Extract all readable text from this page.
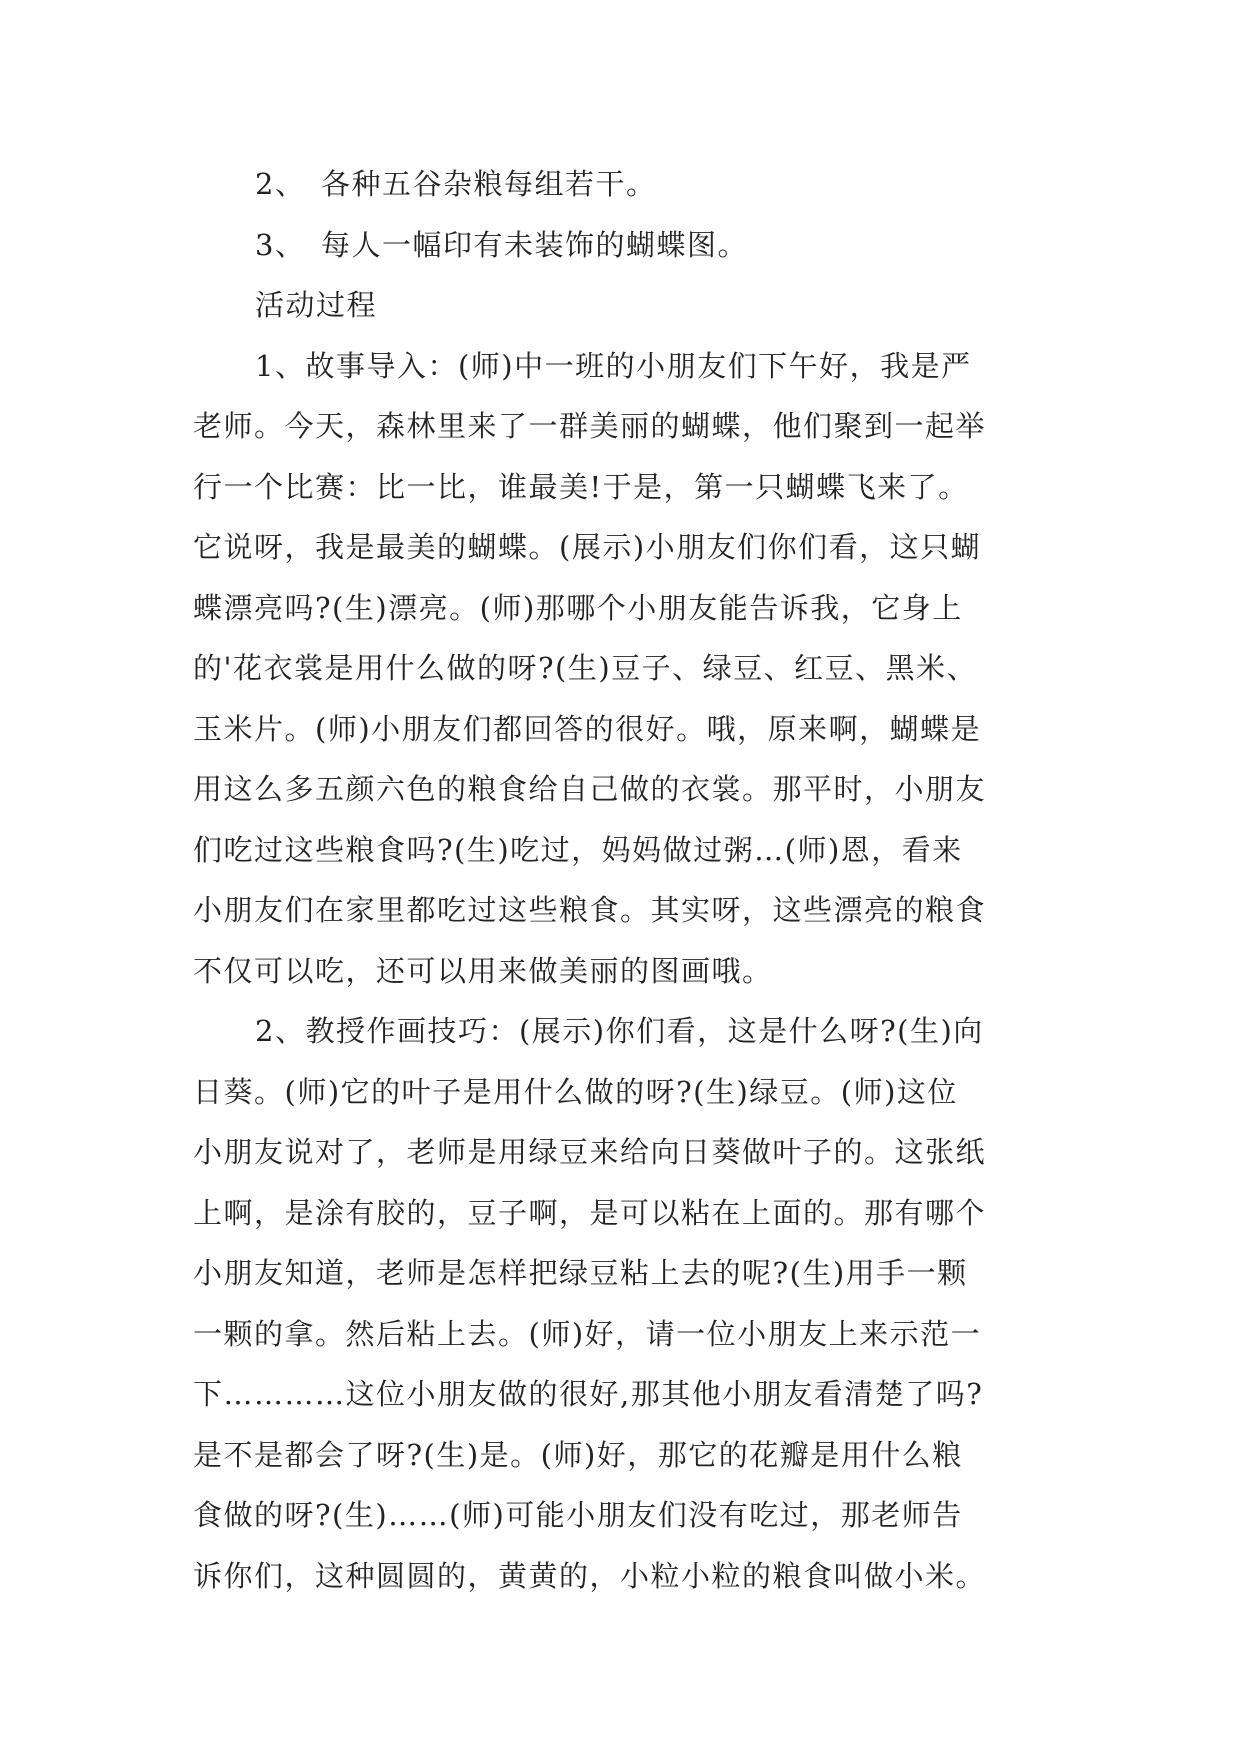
2、 各种五谷杂粮每组若干。
3、 每人一幅印有未装饰的蝴蝶图。
活动过程
1、故事导入：(师)中一班的小朋友们下午好，我是严
老师。今天，森林里来了一群美丽的蝴蝶，他们聚到一起举
行一个比赛：比一比，谁最美!于是，第一只蝴蝶飞来了。
它说呀，我是最美的蝴蝶。(展示)小朋友们你们看，这只蝴
蝶漂亮吗?(生)漂亮。(师)那哪个小朋友能告诉我，它身上
的'花衣裳是用什么做的呀?(生)豆子、绿豆、红豆、黑米、
玉米片。(师)小朋友们都回答的很好。哦，原来啊，蝴蝶是
用这么多五颜六色的粮食给自己做的衣裳。那平时，小朋友
们吃过这些粮食吗?(生)吃过，妈妈做过粥…(师)恩，看来
小朋友们在家里都吃过这些粮食。其实呀，这些漂亮的粮食
不仅可以吃，还可以用来做美丽的图画哦。
2、教授作画技巧：(展示)你们看，这是什么呀?(生)向
日葵。(师)它的叶子是用什么做的呀?(生)绿豆。(师)这位
小朋友说对了，老师是用绿豆来给向日葵做叶子的。这张纸
上啊，是涂有胶的，豆子啊，是可以粘在上面的。那有哪个
小朋友知道，老师是怎样把绿豆粘上去的呢?(生)用手一颗
一颗的拿。然后粘上去。(师)好，请一位小朋友上来示范一
下…………这位小朋友做的很好,那其他小朋友看清楚了吗?
是不是都会了呀?(生)是。(师)好，那它的花瓣是用什么粮
食做的呀?(生)……(师)可能小朋友们没有吃过，那老师告
诉你们，这种圆圆的，黄黄的，小粒小粒的粮食叫做小米。
